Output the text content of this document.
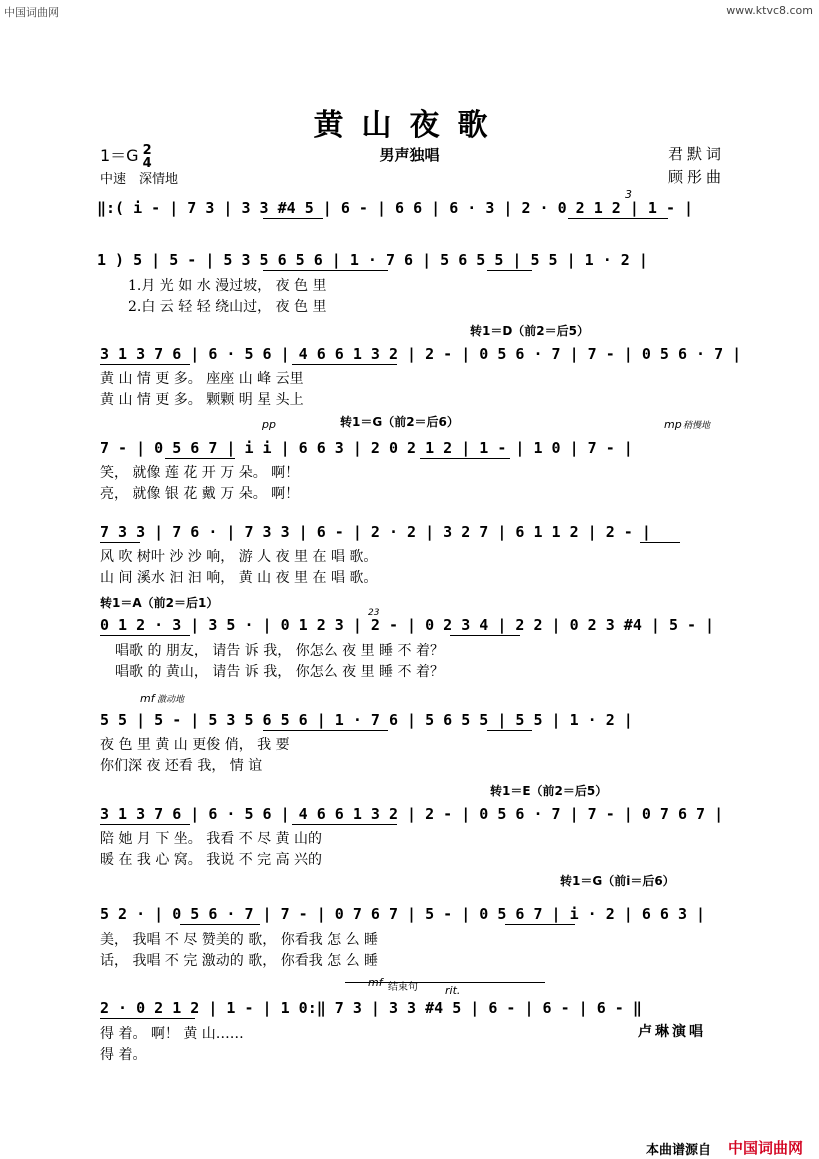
中国词曲网	www.ktvc8.com
黄山夜歌
1＝G 2
4	男声独唱	君默词
顾彤曲
中速　深情地
‖:( i - | 7 3 | 3 3 #4 5 | 6 - | 6 6 | 6 · 3 | 2 · 0 2 1 2 | 1 - |
3
1 ) 5 | 5 - | 5 3 5 6 5 6 | 1 · 7 6 | 5 6 5 5 | 5 5 | 1 · 2 |
1.月 光 如 水 漫过坡， 夜 色 里
2.白 云 轻 轻 绕山过， 夜 色 里
转1＝D（前2＝后5）
3 1 3 7 6 | 6 · 5 6 | 4 6 6 1 3 2 | 2 - | 0 5 6 · 7 | 7 - | 0 5 6 · 7 |
黄 山 情 更 多。 座座 山 峰 云里
黄 山 情 更 多。 颗颗 明 星 头上
转1＝G（前2＝后6）
pp	mp 稍慢地
7 - | 0 5 6 7 | i i | 6 6 3 | 2 0 2 1 2 | 1 - | 1 0 | 7 - |
笑， 就像 莲 花 开 万 朵。 啊！
亮， 就像 银 花 戴 万 朵。 啊！
7 3 3 | 7 6 · | 7 3 3 | 6 - | 2 · 2 | 3 2 7 | 6 1 1 2 | 2 - |
风 吹 树叶 沙 沙 响， 游 人 夜 里 在 唱 歌。
山 间 溪水 汩 汩 响， 黄 山 夜 里 在 唱 歌。
转1＝A（前2＝后1）
23
0 1 2 · 3 | 3 5 · | 0 1 2 3 | 2 - | 0 2 3 4 | 2 2 | 0 2 3 #4 | 5 - |
唱歌 的 朋友， 请告 诉 我， 你怎么 夜 里 睡 不 着？
唱歌 的 黄山， 请告 诉 我， 你怎么 夜 里 睡 不 着？
mf 激动地
5 5 | 5 - | 5 3 5 6 5 6 | 1 · 7 6 | 5 6 5 5 | 5 5 | 1 · 2 |
夜 色 里 黄 山 更俊 俏， 我 要
你们深 夜 还看 我， 情 谊
转1＝E（前2＝后5）
3 1 3 7 6 | 6 · 5 6 | 4 6 6 1 3 2 | 2 - | 0 5 6 · 7 | 7 - | 0 7 6 7 |
陪 她 月 下 坐。 我看 不 尽 黄 山的
暖 在 我 心 窝。 我说 不 完 高 兴的
转1＝G（前i＝后6）
5 2 · | 0 5 6 · 7 | 7 - | 0 7 6 7 | 5 - | 0 5 6 7 | i · 2 | 6 6 3 |
美， 我唱 不 尽 赞美的 歌， 你看我 怎 么 睡
话， 我唱 不 完 激动的 歌， 你看我 怎 么 睡
mf 结束句 rit.
2 · 0 2 1 2 | 1 - | 1 0:‖ 7 3 | 3 3 #4 5 | 6 - | 6 - | 6 - ‖
得 着。 啊！ 黄 山……
得 着。
卢琳演唱
本曲谱源自 中国词曲网
